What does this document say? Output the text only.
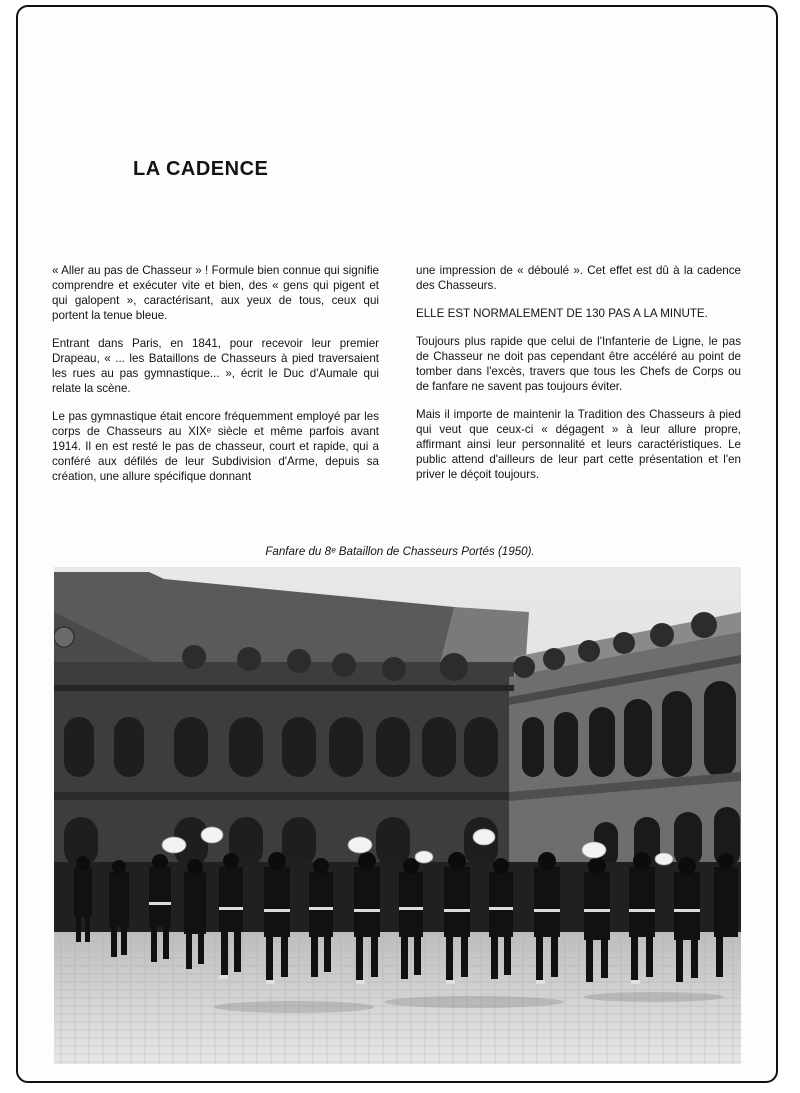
LA CADENCE

« Aller au pas de Chasseur » ! Formule bien connue qui signifie comprendre et exécuter vite et bien, des « gens qui pigent et qui galopent », caractérisant, aux yeux de tous, ceux qui portent la tenue bleue.

Entrant dans Paris, en 1841, pour recevoir leur premier Drapeau, « ... les Bataillons de Chasseurs à pied traversaient les rues au pas gymnastique... », écrit le Duc d'Aumale qui relate la scène.

Le pas gymnastique était encore fréquemment employé par les corps de Chasseurs au XIXᵉ siècle et même parfois avant 1914. Il en est resté le pas de chasseur, court et rapide, qui a conféré aux défilés de leur Subdivision d'Arme, depuis sa création, une allure spécifique donnant

une impression de « déboulé ». Cet effet est dû à la cadence des Chasseurs.

ELLE EST NORMALEMENT DE 130 PAS A LA MINUTE.

Toujours plus rapide que celui de l'Infanterie de Ligne, le pas de Chasseur ne doit pas cependant être accéléré au point de tomber dans l'excès, travers que tous les Chefs de Corps ou de fanfare ne savent pas toujours éviter.

Mais il importe de maintenir la Tradition des Chasseurs à pied qui veut que ceux-ci « dégagent » à leur allure propre, affirmant ainsi leur personnalité et leurs caractéristiques. Le public attend d'ailleurs de leur part cette présentation et l'en priver le déçoit toujours.

Fanfare du 8ᵉ Bataillon de Chasseurs Portés (1950).
